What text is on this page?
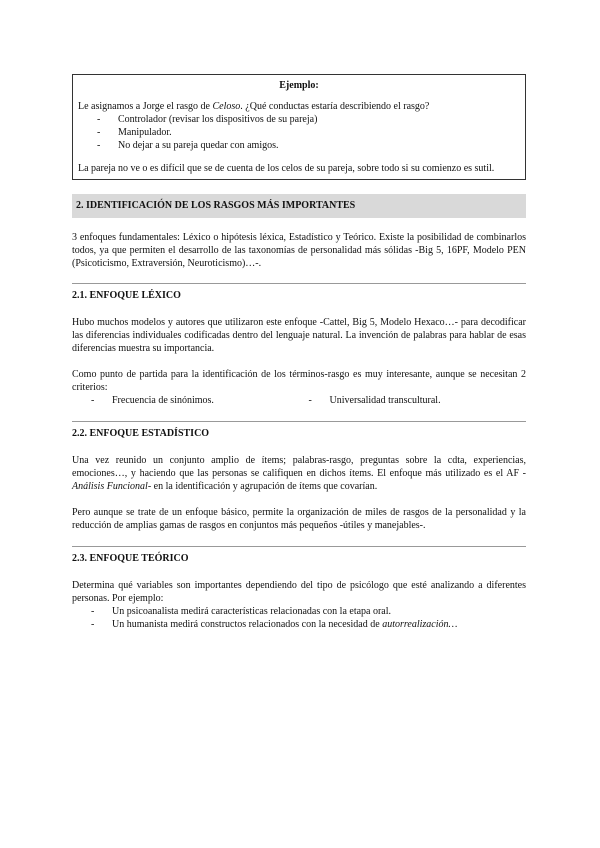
Ejemplo:

Le asignamos a Jorge el rasgo de Celoso. ¿Qué conductas estaría describiendo el rasgo?

- Controlador (revisar los dispositivos de su pareja)
- Manipulador.
- No dejar a su pareja quedar con amigos.

La pareja no ve o es difícil que se de cuenta de los celos de su pareja, sobre todo si su comienzo es sutil.

2. IDENTIFICACIÓN DE LOS RASGOS MÁS IMPORTANTES

3 enfoques fundamentales: Léxico o hipótesis léxica, Estadístico y Teórico. Existe la posibilidad de combinarlos todos, ya que permiten el desarrollo de las taxonomías de personalidad más sólidas -Big 5, 16PF, Modelo PEN (Psicoticismo, Extraversión, Neuroticismo)…-.

2.1. ENFOQUE LÉXICO

Hubo muchos modelos y autores que utilizaron este enfoque -Cattel, Big 5, Modelo Hexaco…- para decodificar las diferencias individuales codificadas dentro del lenguaje natural. La invención de palabras para hablar de esas diferencias muestra su importancia.

Como punto de partida para la identificación de los términos-rasgo es muy interesante, aunque se necesitan 2 criterios:

- Frecuencia de sinónimos.
-	Universalidad transcultural.
2.2. ENFOQUE ESTADÍSTICO

Una vez reunido un conjunto amplio de ítems; palabras-rasgo, preguntas sobre la cdta, experiencias, emociones…, y haciendo que las personas se califiquen en dichos ítems. El enfoque más utilizado es el AF -Análisis Funcional- en la identificación y agrupación de ítems que covarían.

Pero aunque se trate de un enfoque básico, permite la organización de miles de rasgos de la personalidad y la reducción de amplias gamas de rasgos en conjuntos más pequeños -útiles y manejables-.

2.3. ENFOQUE TEÓRICO

Determina qué variables son importantes dependiendo del tipo de psicólogo que esté analizando a diferentes personas. Por ejemplo:

- Un psicoanalista medirá características relacionadas con la etapa oral.
- Un humanista medirá constructos relacionados con la necesidad de autorrealización…
